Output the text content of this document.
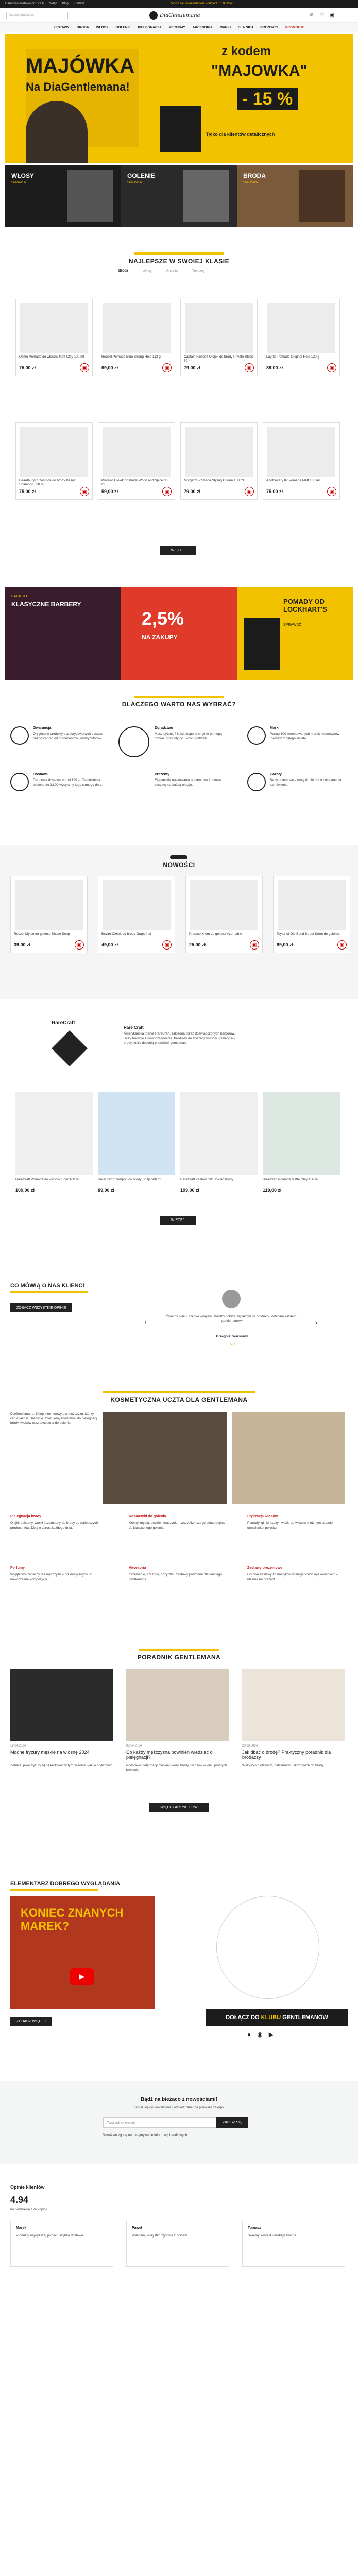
Darmowa dostawa od 199 zł Sklep Blog Kontakt	Zapisz się do newslettera i odbierz 10 zł rabatu
Szukaj produktów...	DiaGentlemana	☺ ♡ ▣
ZESTAWY BRODA WŁOSY GOLENIE PIELĘGNACJA PERFUMY AKCESORIA MARKI DLA NIEJ PREZENTY PROMOCJE
MAJÓWKA
Na DiaGentlemana!
z kodem
"MAJOWKA"
- 15 %
Tylko dla klientów detalicznych
WŁOSY
SPRAWDŹ
GOLENIE
SPRAWDŹ
BRODA
SPRAWDŹ
NAJLEPSZE W SWOIEJ KLASIE
Broda	Włosy	Golenie	Zestawy
Osmo Pomada do włosów Matt Clay 100 ml
75,00 zł	▣
Reuzel Pomada Blue Strong Hold 113 g
69,00 zł	▣
Captain Fawcett Olejek do brody Private Stock 50 ml
79,00 zł	▣
Layrite Pomada Original Hold 120 g
89,00 zł	▣
Beardburys Szampon do brody Beard Shampoo 330 ml
75,00 zł	▣
Proraso Olejek do brody Wood and Spice 30 ml
59,00 zł	▣
Morgan's Pomada Styling Cream 100 ml
79,00 zł	▣
Apothecary 87 Pomada Matt 100 ml
75,00 zł	▣
WIĘCEJ
BACK TO
KLASYCZNE BARBERY
2,5%
NA ZAKUPY
POMADY OD LOCKHART'S
SPRAWDŹ
DLACZEGO WARTO NAS WYBRAĆ?
Gwarancja
Oryginalne produkty z autoryzowanych dostaw, bezpośrednio od producentów i dystrybutorów.
Dostawa
Darmowa dostawa już od 199 zł. Zamówienia złożone do 13:00 wysyłamy tego samego dnia.
Doradztwo
Masz pytanie? Nasi eksperci chętnie pomogą dobrać produkty do Twoich potrzeb.
Prezenty
Eleganckie opakowania prezentowe i gotowe zestawy na każdą okazję.
Marki
Ponad 100 renomowanych marek kosmetyków męskich z całego świata.
Zwroty
Bezproblemowe zwroty do 30 dni od otrzymania zamówienia.
NOWOŚCI
Reuzel Mydło do golenia Shave Soap
39,00 zł	▣
Beviro Olejek do brody Grapefruit
49,00 zł	▣
Proraso Krem do golenia Azur Lime
25,00 zł	▣
Taylor of Old Bond Street Krem do golenia
89,00 zł	▣
RareCraft
Rare Craft
Amerykańska marka RareCraft, założona przez doświadczonych barberów, łączy tradycję z nowoczesnością. Produkty do stylizacji włosów i pielęgnacji brody, które docenią prawdziwi gentlemani.
RareCraft Pomada do włosów Fiber 100 ml
109,00 zł
RareCraft Szampon do brody Soap 500 ml
89,00 zł
RareCraft Zestaw Gift Box do brody
199,00 zł
RareCraft Pomada Matte Clay 100 ml
119,00 zł
WIĘCEJ
CO MÓWIĄ O NAS KLIENCI
ZOBACZ WSZYSTKIE OPINIE
Świetny sklep, szybka wysyłka i bardzo dobrze zapakowane produkty. Polecam każdemu gentlemanowi!
Grzegorz, Warszawa
5,0
‹	›
KOSMETYCZNA UCZTA DLA GENTLEMANA
DiaGentlemana. Sklep internetowy dla mężczyzn, którzy cenią jakość i tradycję. Oferujemy kosmetyki do pielęgnacji brody, włosów oraz akcesoria do golenia.
Pielęgnacja brody
Olejki, balsamy, woski i szampony do brody od najlepszych producentów. Dbaj o zarost każdego dnia.
Kosmetyki do golenia
Kremy, mydła, pędzle i maszynki – wszystko, czego potrzebujesz do klasycznego golenia.
Stylizacja włosów
Pomady, glinki, pasty i woski do włosów o różnym stopniu utrwalenia i połysku.
Perfumy
Wyjątkowe zapachy dla mężczyzn – od klasycznych po nowoczesne kompozycje.
Akcesoria
Grzebienie, szczotki, nożyczki i zestawy podróżne dla każdego gentlemana.
Zestawy prezentowe
Gotowe zestawy kosmetyków w eleganckich opakowaniach – idealne na prezent.
PORADNIK GENTLEMANA
12.04.2024
Modne fryzury męskie na wiosnę 2024
Zobacz, jakie fryzury będą królować w tym sezonie i jak je stylizować.
05.04.2024
Co każdy mężczyzna powinien wiedzieć o pielęgnacji?
Podstawy pielęgnacji męskiej skóry, brody i włosów w kilku prostych krokach.
28.03.2024
Jak dbać o brodę? Praktyczny poradnik dla brodaczy
Wszystko o olejkach, balsamach i szczotkach do brody.
WIĘCEJ ARTYKUŁÓW
ELEMENTARZ DOBREGO WYGLĄDANIA
KONIEC ZNANYCH MAREK?
▶
ZOBACZ WIĘCEJ
DOŁĄCZ DO KLUBU GENTLEMANÓW
● ◉ ▶
Bądź na bieżąco z nowościami!
Zapisz się do newslettera i odbierz rabat na pierwsze zakupy.
Twój adres e-mail	ZAPISZ SIĘ
Wyrażam zgodę na otrzymywanie informacji handlowych.
Opinie klientów
4.94
na podstawie 1245 opinii
Marek
Produkty najwyższej jakości, szybka dostawa.
Paweł
Polecam, wszystko zgodnie z opisem.
Tomasz
Świetny kontakt i obsługa klienta.
